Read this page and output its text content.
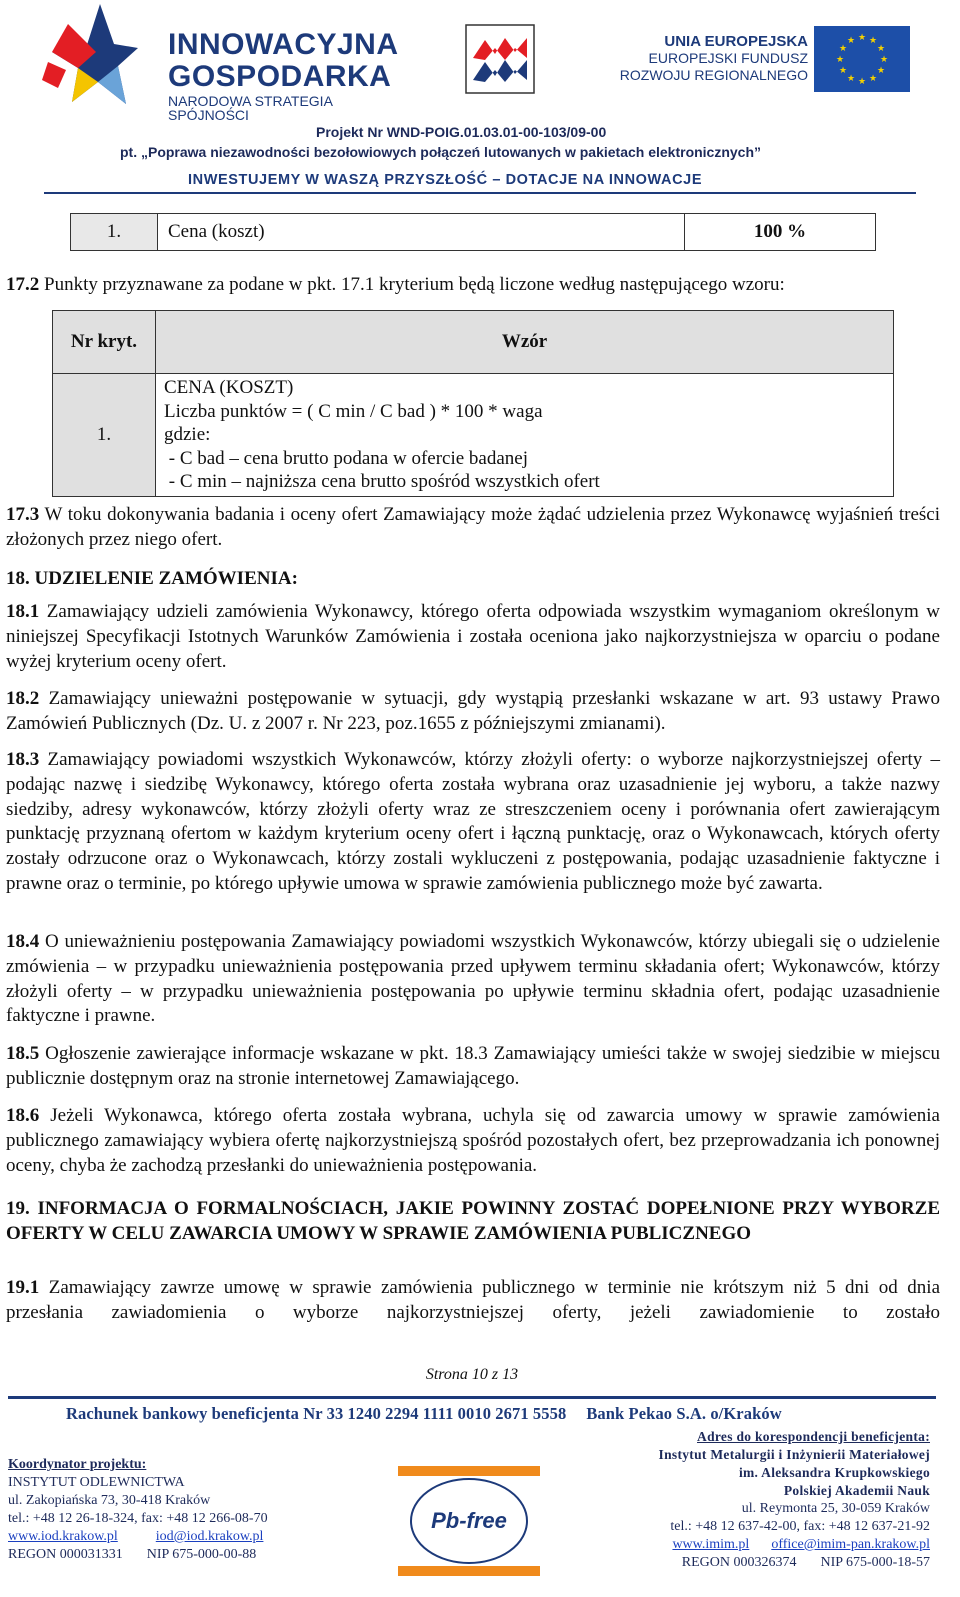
INNOWACYJNA
GOSPODARKA
NARODOWA STRATEGIA SPÓJNOŚCI
UNIA EUROPEJSKA
EUROPEJSKI FUNDUSZ
ROZWOJU REGIONALNEGO
★ ★
★
★
★
★
★
★
★
★
★
★
Projekt Nr WND-POIG.01.03.01-00-103/09-00
pt. „Poprawa niezawodności bezołowiowych połączeń lutowanych w pakietach elektronicznych”
INWESTUJEMY W WASZĄ PRZYSZŁOŚĆ – DOTACJE NA INNOWACJE
1.	Cena (koszt)	100 %

17.2 Punkty przyznawane za podane w pkt. 17.1 kryterium będą liczone według następującego wzoru:

Nr kryt.	Wzór
1.	CENA (KOSZT)
Liczba punktów = ( C min / C bad ) * 100 * waga
gdzie:
- C bad – cena brutto podana w ofercie badanej
- C min – najniższa cena brutto spośród wszystkich ofert

17.3 W toku dokonywania badania i oceny ofert Zamawiający może żądać udzielenia przez Wykonawcę wyjaśnień treści złożonych przez niego ofert.

18. UDZIELENIE ZAMÓWIENIA:

18.1 Zamawiający udzieli zamówienia Wykonawcy, którego oferta odpowiada wszystkim wymaganiom określonym w niniejszej Specyfikacji Istotnych Warunków Zamówienia i została oceniona jako najkorzystniejsza w oparciu o podane wyżej kryterium oceny ofert.

18.2 Zamawiający unieważni postępowanie w sytuacji, gdy wystąpią przesłanki wskazane w art. 93 ustawy Prawo Zamówień Publicznych (Dz. U. z 2007 r. Nr 223, poz.1655 z późniejszymi zmianami).

18.3 Zamawiający powiadomi wszystkich Wykonawców, którzy złożyli oferty: o wyborze najkorzystniejszej oferty – podając nazwę i siedzibę Wykonawcy, którego oferta została wybrana oraz uzasadnienie jej wyboru, a także nazwy siedziby, adresy wykonawców, którzy złożyli oferty wraz ze streszczeniem oceny i porównania ofert zawierającym punktację przyznaną ofertom w każdym kryterium oceny ofert i łączną punktację, oraz o Wykonawcach, których oferty zostały odrzucone oraz o Wykonawcach, którzy zostali wykluczeni z postępowania, podając uzasadnienie faktyczne i prawne oraz o terminie, po którego upływie umowa w sprawie zamówienia publicznego może być zawarta.

18.4 O unieważnieniu postępowania Zamawiający powiadomi wszystkich Wykonawców, którzy ubiegali się o udzielenie zmówienia – w przypadku unieważnienia postępowania przed upływem terminu składania ofert; Wykonawców, którzy złożyli oferty – w przypadku unieważnienia postępowania po upływie terminu składnia ofert, podając uzasadnienie faktyczne i prawne.

18.5 Ogłoszenie zawierające informacje wskazane w pkt. 18.3 Zamawiający umieści także w swojej siedzibie w miejscu publicznie dostępnym oraz na stronie internetowej Zamawiającego.

18.6 Jeżeli Wykonawca, którego oferta została wybrana, uchyla się od zawarcia umowy w sprawie zamówienia publicznego zamawiający wybiera ofertę najkorzystniejszą spośród pozostałych ofert, bez przeprowadzania ich ponownej oceny, chyba że zachodzą przesłanki do unieważnienia postępowania.

19. INFORMACJA O FORMALNOŚCIACH, JAKIE POWINNY ZOSTAĆ DOPEŁNIONE PRZY WYBORZE OFERTY W CELU ZAWARCIA UMOWY W SPRAWIE ZAMÓWIENIA PUBLICZNEGO

19.1 Zamawiający zawrze umowę w sprawie zamówienia publicznego w terminie nie krótszym niż 5 dni od dnia przesłania zawiadomienia o wyborze najkorzystniejszej oferty, jeżeli zawiadomienie to zostało

Strona 10 z 13
Rachunek bankowy beneficjenta Nr 33 1240 2294 1111 0010 2671 5558 Bank Pekao S.A. o/Kraków
Koordynator projektu:
INSTYTUT ODLEWNICTWA
ul. Zakopiańska 73, 30-418 Kraków
tel.: +48 12 26-18-324, fax: +48 12 266-08-70
www.iod.krakow.pl	iod@iod.krakow.pl
REGON 000031331 NIP 675-000-00-88
Pb-free
Adres do korespondencji beneficjenta:
Instytut Metalurgii i Inżynierii Materiałowej
im. Aleksandra Krupkowskiego
Polskiej Akademii Nauk
ul. Reymonta 25, 30-059 Kraków
tel.: +48 12 637-42-00, fax: +48 12 637-21-92
www.imim.pl office@imim-pan.krakow.pl
REGON 000326374 NIP 675-000-18-57
